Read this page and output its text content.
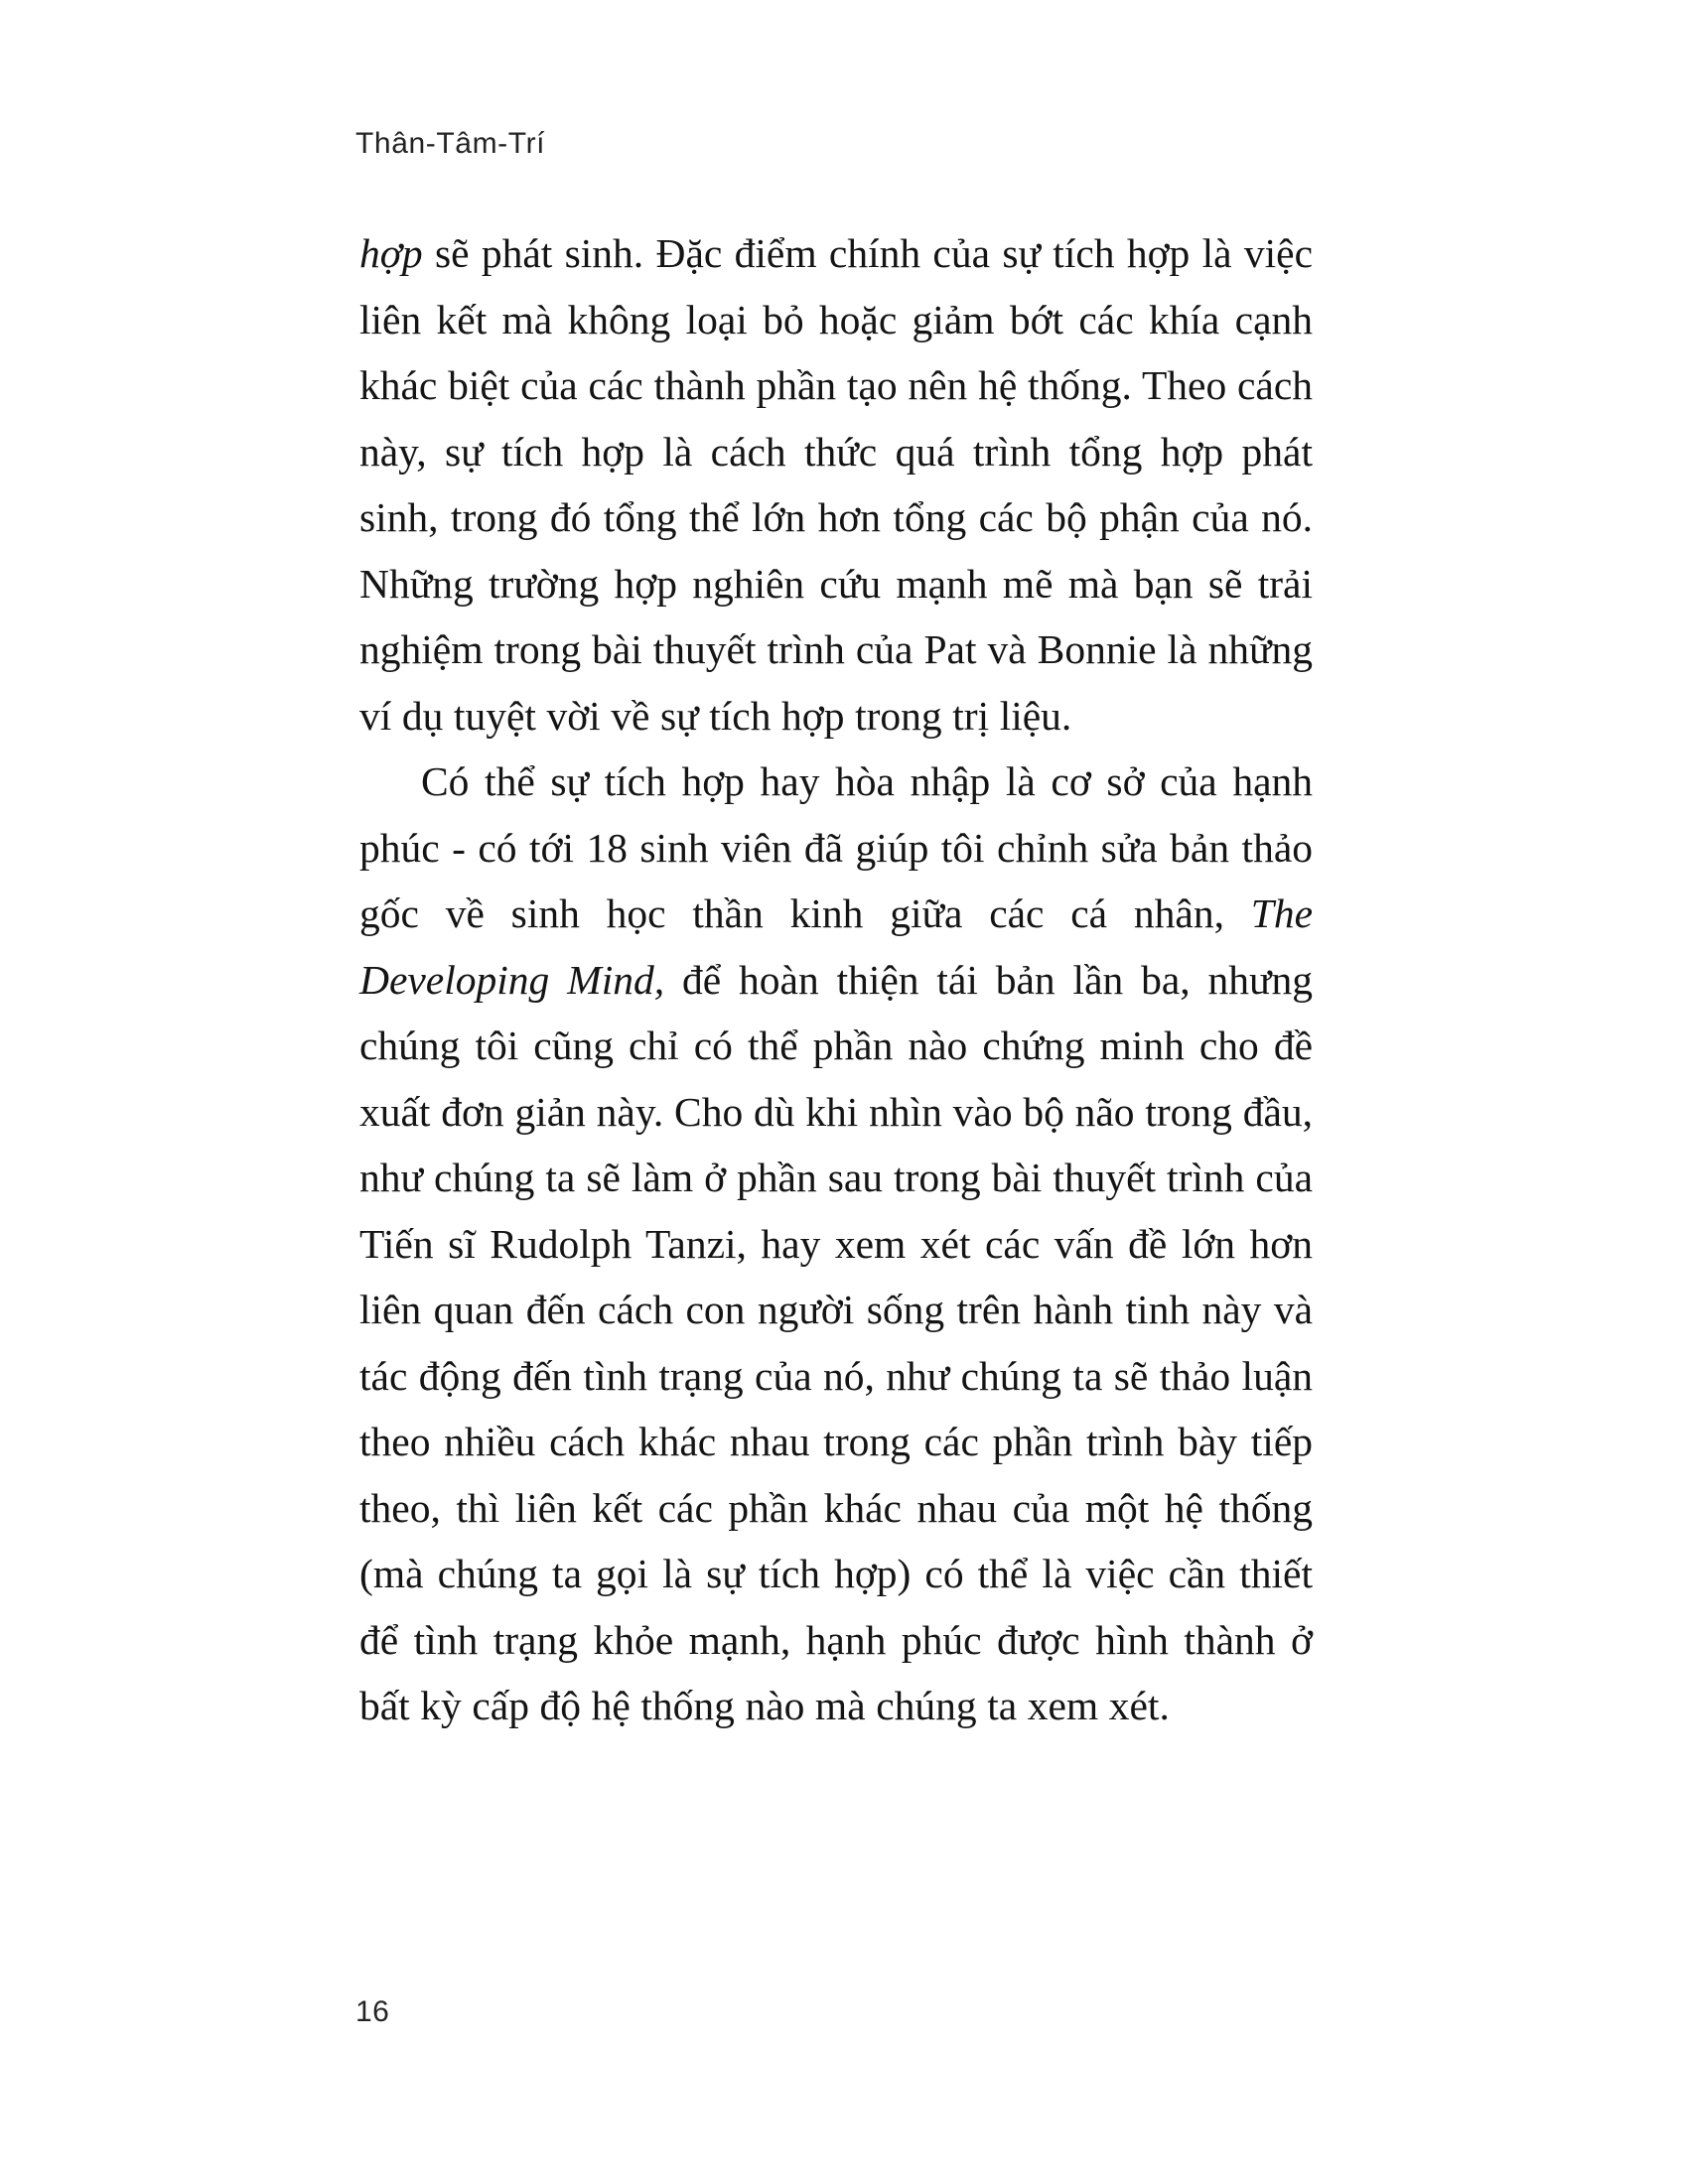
Thân-Tâm-Trí

hợp sẽ phát sinh. Đặc điểm chính của sự tích hợp là việc liên kết mà không loại bỏ hoặc giảm bớt các khía cạnh khác biệt của các thành phần tạo nên hệ thống. Theo cách này, sự tích hợp là cách thức quá trình tổng hợp phát sinh, trong đó tổng thể lớn hơn tổng các bộ phận của nó. Những trường hợp nghiên cứu mạnh mẽ mà bạn sẽ trải nghiệm trong bài thuyết trình của Pat và Bonnie là những ví dụ tuyệt vời về sự tích hợp trong trị liệu.

Có thể sự tích hợp hay hòa nhập là cơ sở của hạnh phúc - có tới 18 sinh viên đã giúp tôi chỉnh sửa bản thảo gốc về sinh học thần kinh giữa các cá nhân, The Developing Mind, để hoàn thiện tái bản lần ba, nhưng chúng tôi cũng chỉ có thể phần nào chứng minh cho đề xuất đơn giản này. Cho dù khi nhìn vào bộ não trong đầu, như chúng ta sẽ làm ở phần sau trong bài thuyết trình của Tiến sĩ Rudolph Tanzi, hay xem xét các vấn đề lớn hơn liên quan đến cách con người sống trên hành tinh này và tác động đến tình trạng của nó, như chúng ta sẽ thảo luận theo nhiều cách khác nhau trong các phần trình bày tiếp theo, thì liên kết các phần khác nhau của một hệ thống (mà chúng ta gọi là sự tích hợp) có thể là việc cần thiết để tình trạng khỏe mạnh, hạnh phúc được hình thành ở bất kỳ cấp độ hệ thống nào mà chúng ta xem xét.

16
